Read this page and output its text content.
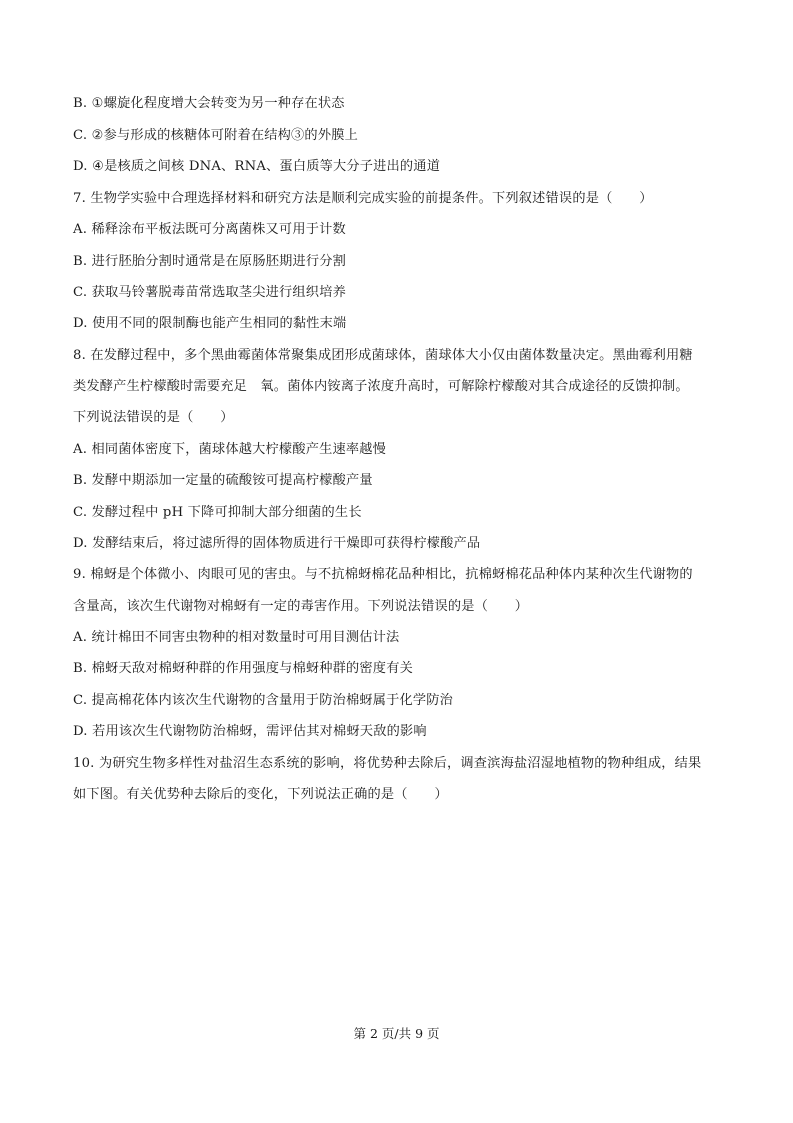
B. ①螺旋化程度增大会转变为另一种存在状态
C. ②参与形成的核糖体可附着在结构③的外膜上
D. ④是核质之间核 DNA、RNA、蛋白质等大分子进出的通道
7. 生物学实验中合理选择材料和研究方法是顺利完成实验的前提条件。下列叙述错误的是（　　）
A. 稀释涂布平板法既可分离菌株又可用于计数
B. 进行胚胎分割时通常是在原肠胚期进行分割
C. 获取马铃薯脱毒苗常选取茎尖进行组织培养
D. 使用不同的限制酶也能产生相同的黏性末端
8. 在发酵过程中，多个黑曲霉菌体常聚集成团形成菌球体，菌球体大小仅由菌体数量决定。黑曲霉利用糖
类发酵产生柠檬酸时需要充足　氧。菌体内铵离子浓度升高时，可解除柠檬酸对其合成途径的反馈抑制。
下列说法错误的是（　　）
A. 相同菌体密度下，菌球体越大柠檬酸产生速率越慢
B. 发酵中期添加一定量的硫酸铵可提高柠檬酸产量
C. 发酵过程中 pH 下降可抑制大部分细菌的生长
D. 发酵结束后，将过滤所得的固体物质进行干燥即可获得柠檬酸产品
9. 棉蚜是个体微小、肉眼可见的害虫。与不抗棉蚜棉花品种相比，抗棉蚜棉花品种体内某种次生代谢物的
含量高，该次生代谢物对棉蚜有一定的毒害作用。下列说法错误的是（　　）
A. 统计棉田不同害虫物种的相对数量时可用目测估计法
B. 棉蚜天敌对棉蚜种群的作用强度与棉蚜种群的密度有关
C. 提高棉花体内该次生代谢物的含量用于防治棉蚜属于化学防治
D. 若用该次生代谢物防治棉蚜，需评估其对棉蚜天敌的影响
10. 为研究生物多样性对盐沼生态系统的影响，将优势种去除后，调查滨海盐沼湿地植物的物种组成，结果
如下图。有关优势种去除后的变化，下列说法正确的是（　　）
第 2 页/共 9 页
